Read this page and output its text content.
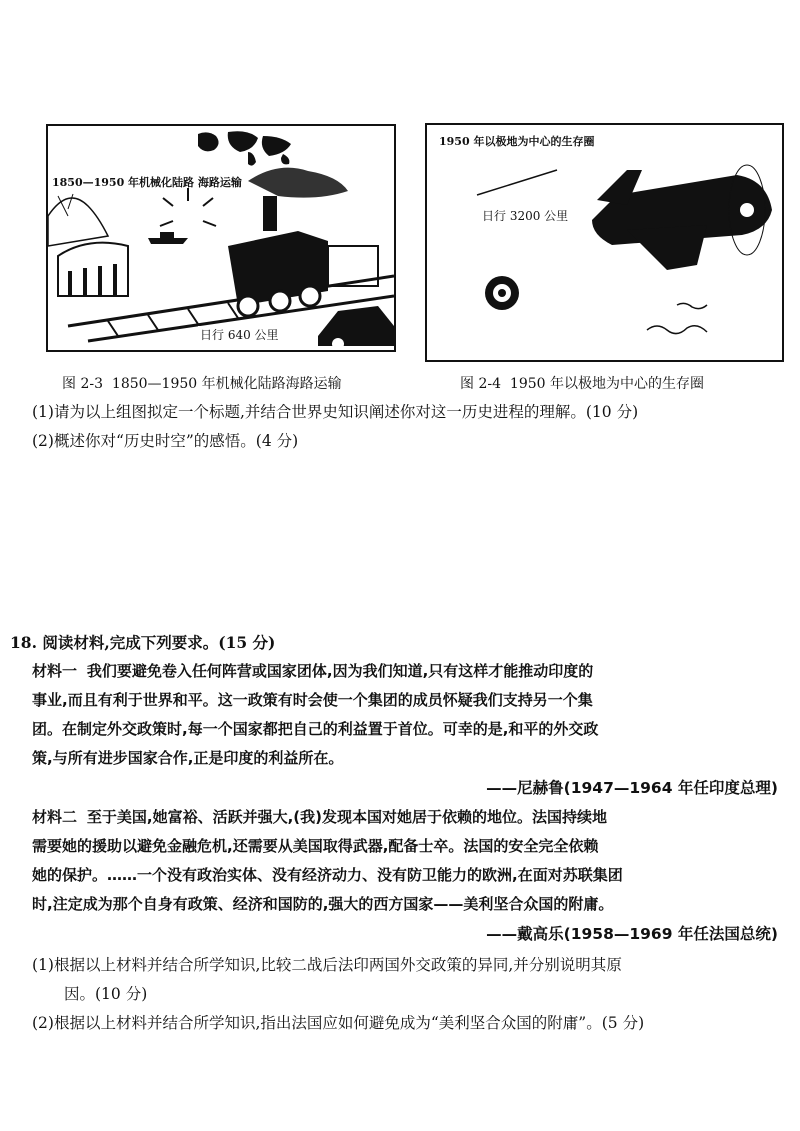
1850—1950 年机械化陆路 海路运输
日行 640 公里
1950 年以极地为中心的生存圈
日行 3200 公里
图 2-3 1850—1950 年机械化陆路海路运输	图 2-4 1950 年以极地为中心的生存圈
(1)请为以上组图拟定一个标题,并结合世界史知识阐述你对这一历史进程的理解。(10 分)
(2)概述你对“历史时空”的感悟。(4 分)
18. 阅读材料,完成下列要求。(15 分)
材料一 我们要避免卷入任何阵营或国家团体,因为我们知道,只有这样才能推动印度的
事业,而且有利于世界和平。这一政策有时会使一个集团的成员怀疑我们支持另一个集
团。在制定外交政策时,每一个国家都把自己的利益置于首位。可幸的是,和平的外交政
策,与所有进步国家合作,正是印度的利益所在。
——尼赫鲁(1947—1964 年任印度总理)
材料二 至于美国,她富裕、活跃并强大,(我)发现本国对她居于依赖的地位。法国持续地
需要她的援助以避免金融危机,还需要从美国取得武器,配备士卒。法国的安全完全依赖
她的保护。……一个没有政治实体、没有经济动力、没有防卫能力的欧洲,在面对苏联集团
时,注定成为那个自身有政策、经济和国防的,强大的西方国家——美利坚合众国的附庸。
——戴高乐(1958—1969 年任法国总统)
(1)根据以上材料并结合所学知识,比较二战后法印两国外交政策的异同,并分别说明其原
因。(10 分)
(2)根据以上材料并结合所学知识,指出法国应如何避免成为“美利坚合众国的附庸”。(5 分)
